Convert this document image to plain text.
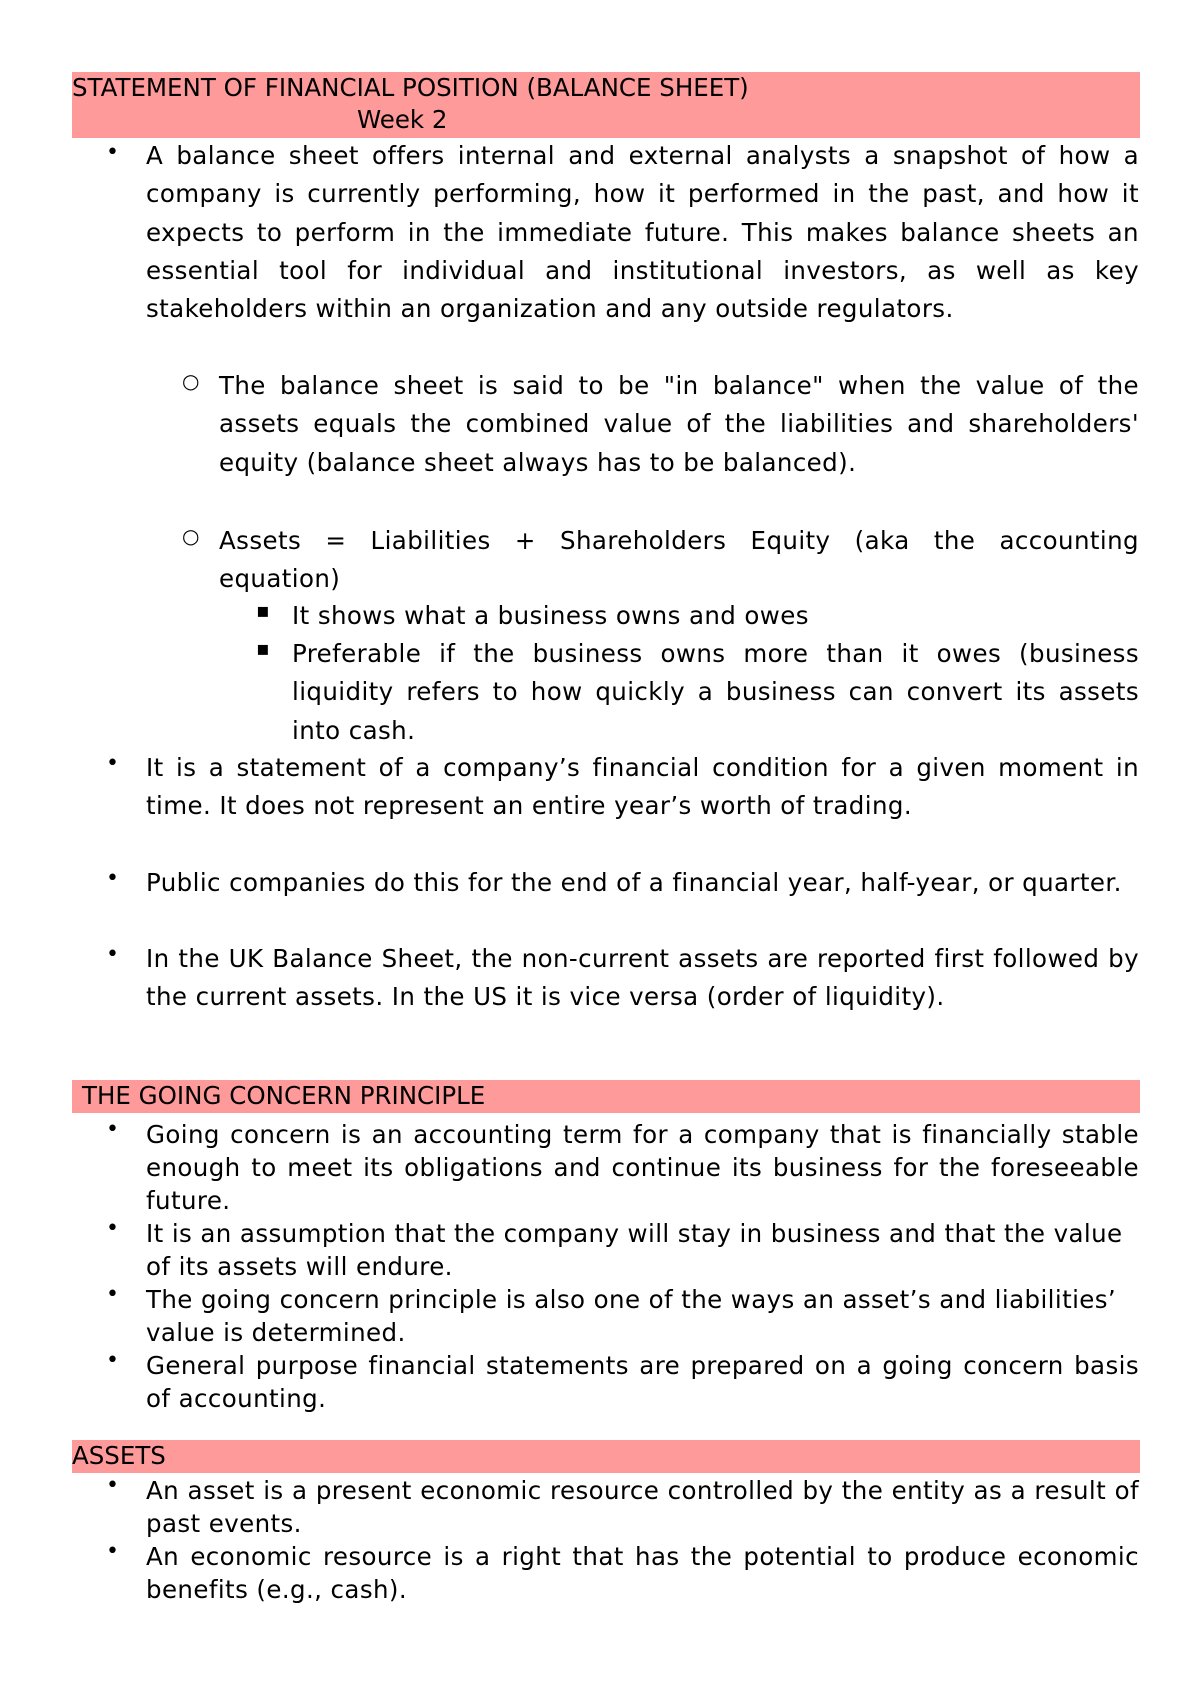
STATEMENT OF FINANCIAL POSITION (BALANCE SHEET)
Week 2
• A balance sheet offers internal and external analysts a snapshot of how a company is currently performing, how it performed in the past, and how it expects to perform in the immediate future. This makes balance sheets an essential tool for individual and institutional investors, as well as key stakeholders within an organization and any outside regulators.
○ The balance sheet is said to be "in balance" when the value of the assets equals the combined value of the liabilities and shareholders' equity (balance sheet always has to be balanced).
○ Assets = Liabilities + Shareholders Equity (aka the accounting equation)
▪ It shows what a business owns and owes
▪ Preferable if the business owns more than it owes (business liquidity refers to how quickly a business can convert its assets into cash.
• It is a statement of a company’s financial condition for a given moment in time. It does not represent an entire year’s worth of trading.
• Public companies do this for the end of a financial year, half-year, or quarter.
• In the UK Balance Sheet, the non-current assets are reported first followed by the current assets. In the US it is vice versa (order of liquidity).
THE GOING CONCERN PRINCIPLE
• Going concern is an accounting term for a company that is financially stable enough to meet its obligations and continue its business for the foreseeable future.
• It is an assumption that the company will stay in business and that the value of its assets will endure.
• The going concern principle is also one of the ways an asset’s and liabilities’ value is determined.
• General purpose financial statements are prepared on a going concern basis of accounting.
ASSETS
• An asset is a present economic resource controlled by the entity as a result of past events.
• An economic resource is a right that has the potential to produce economic benefits (e.g., cash).
